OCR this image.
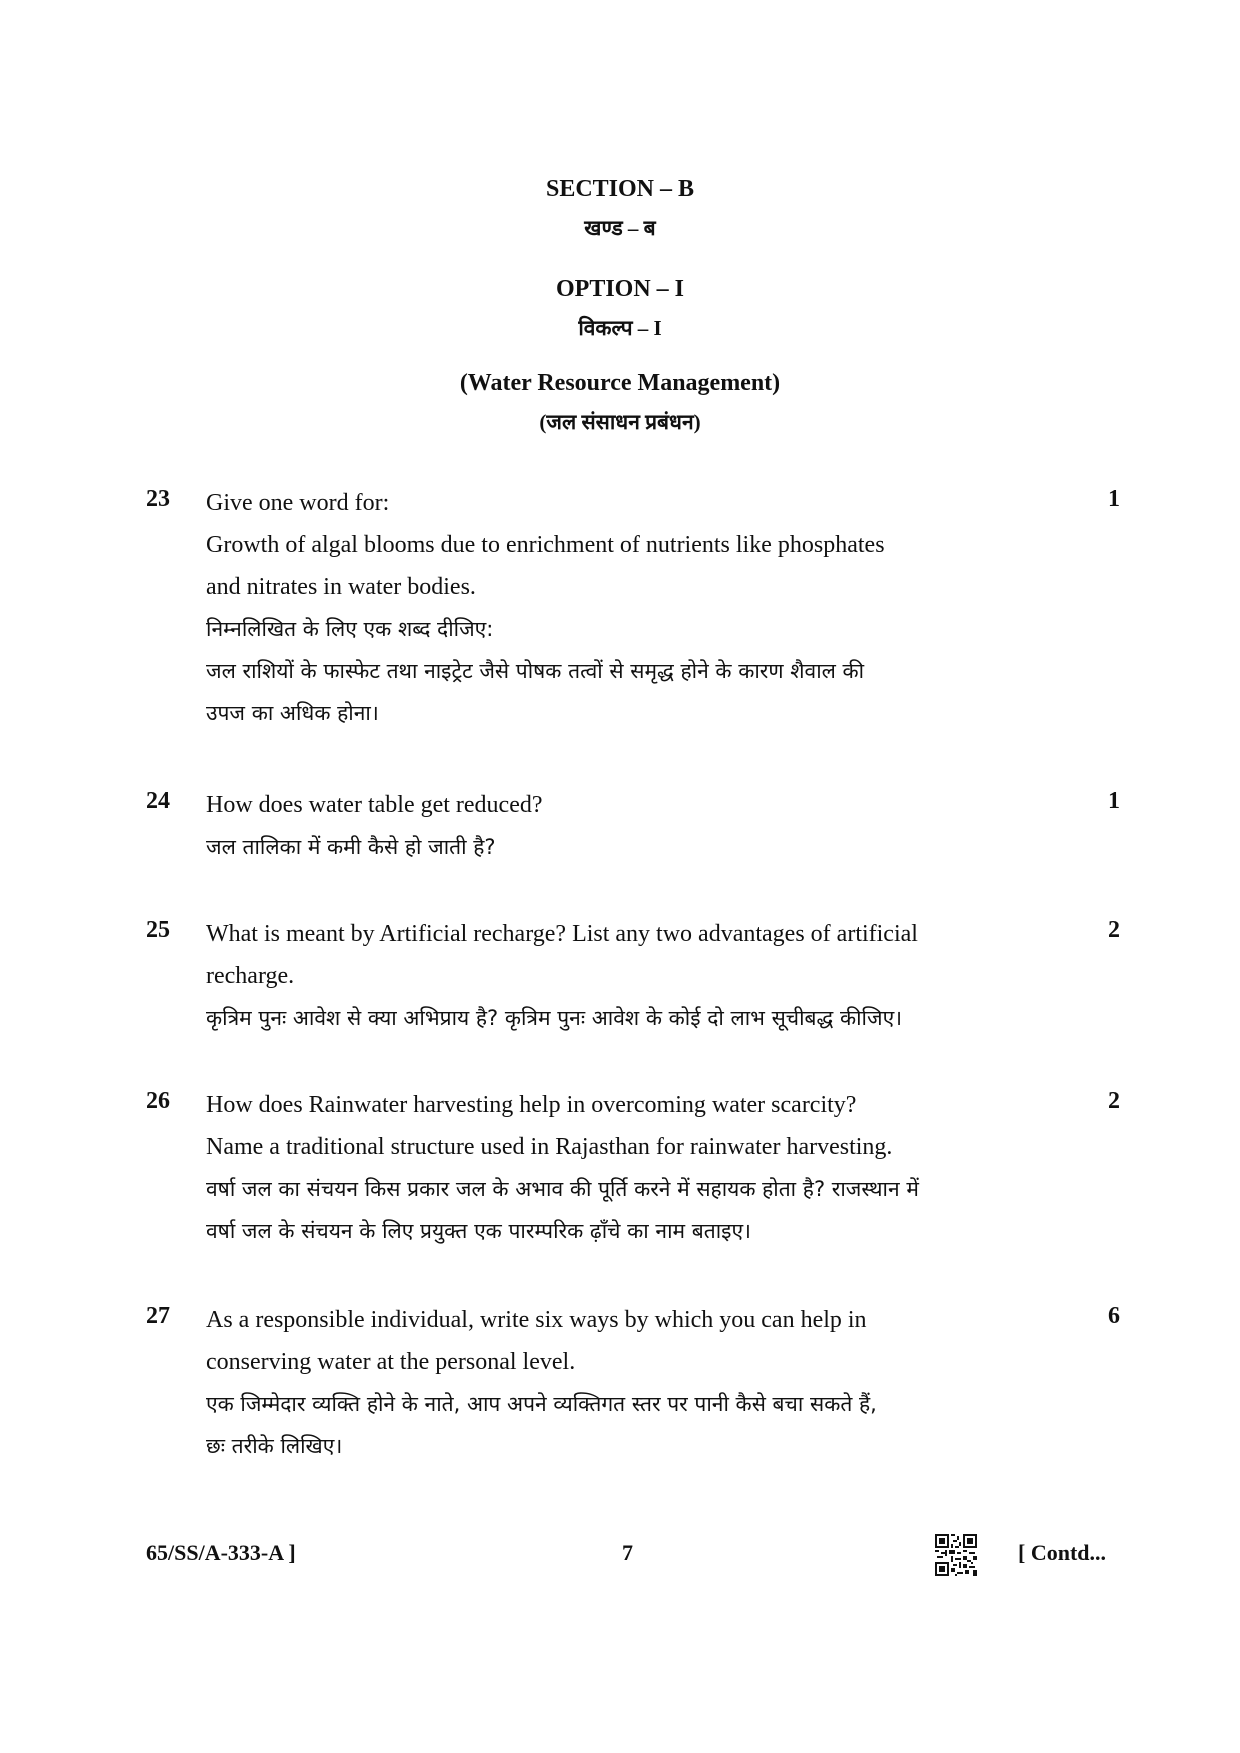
SECTION – B
खण्ड – ब
OPTION – I
विकल्प – I
(Water Resource Management)
(जल संसाधन प्रबंधन)
23	1
Give one word for:
Growth of algal blooms due to enrichment of nutrients like phosphates
and nitrates in water bodies.
निम्नलिखित के लिए एक शब्द दीजिए:
जल राशियों के फास्फेट तथा नाइट्रेट जैसे पोषक तत्वों से समृद्ध होने के कारण शैवाल की
उपज का अधिक होना।
24	1
How does water table get reduced?
जल तालिका में कमी कैसे हो जाती है?
25	2
What is meant by Artificial recharge? List any two advantages of artificial
recharge.
कृत्रिम पुनः आवेश से क्या अभिप्राय है? कृत्रिम पुनः आवेश के कोई दो लाभ सूचीबद्ध कीजिए।
26	2
How does Rainwater harvesting help in overcoming water scarcity?
Name a traditional structure used in Rajasthan for rainwater harvesting.
वर्षा जल का संचयन किस प्रकार जल के अभाव की पूर्ति करने में सहायक होता है? राजस्थान में
वर्षा जल के संचयन के लिए प्रयुक्त एक पारम्परिक ढ़ाँचे का नाम बताइए।
27	6
As a responsible individual, write six ways by which you can help in
conserving water at the personal level.
एक जिम्मेदार व्यक्ति होने के नाते, आप अपने व्यक्तिगत स्तर पर पानी कैसे बचा सकते हैं,
छः तरीके लिखिए।
65/SS/A-333-A ]	7	[ Contd...
